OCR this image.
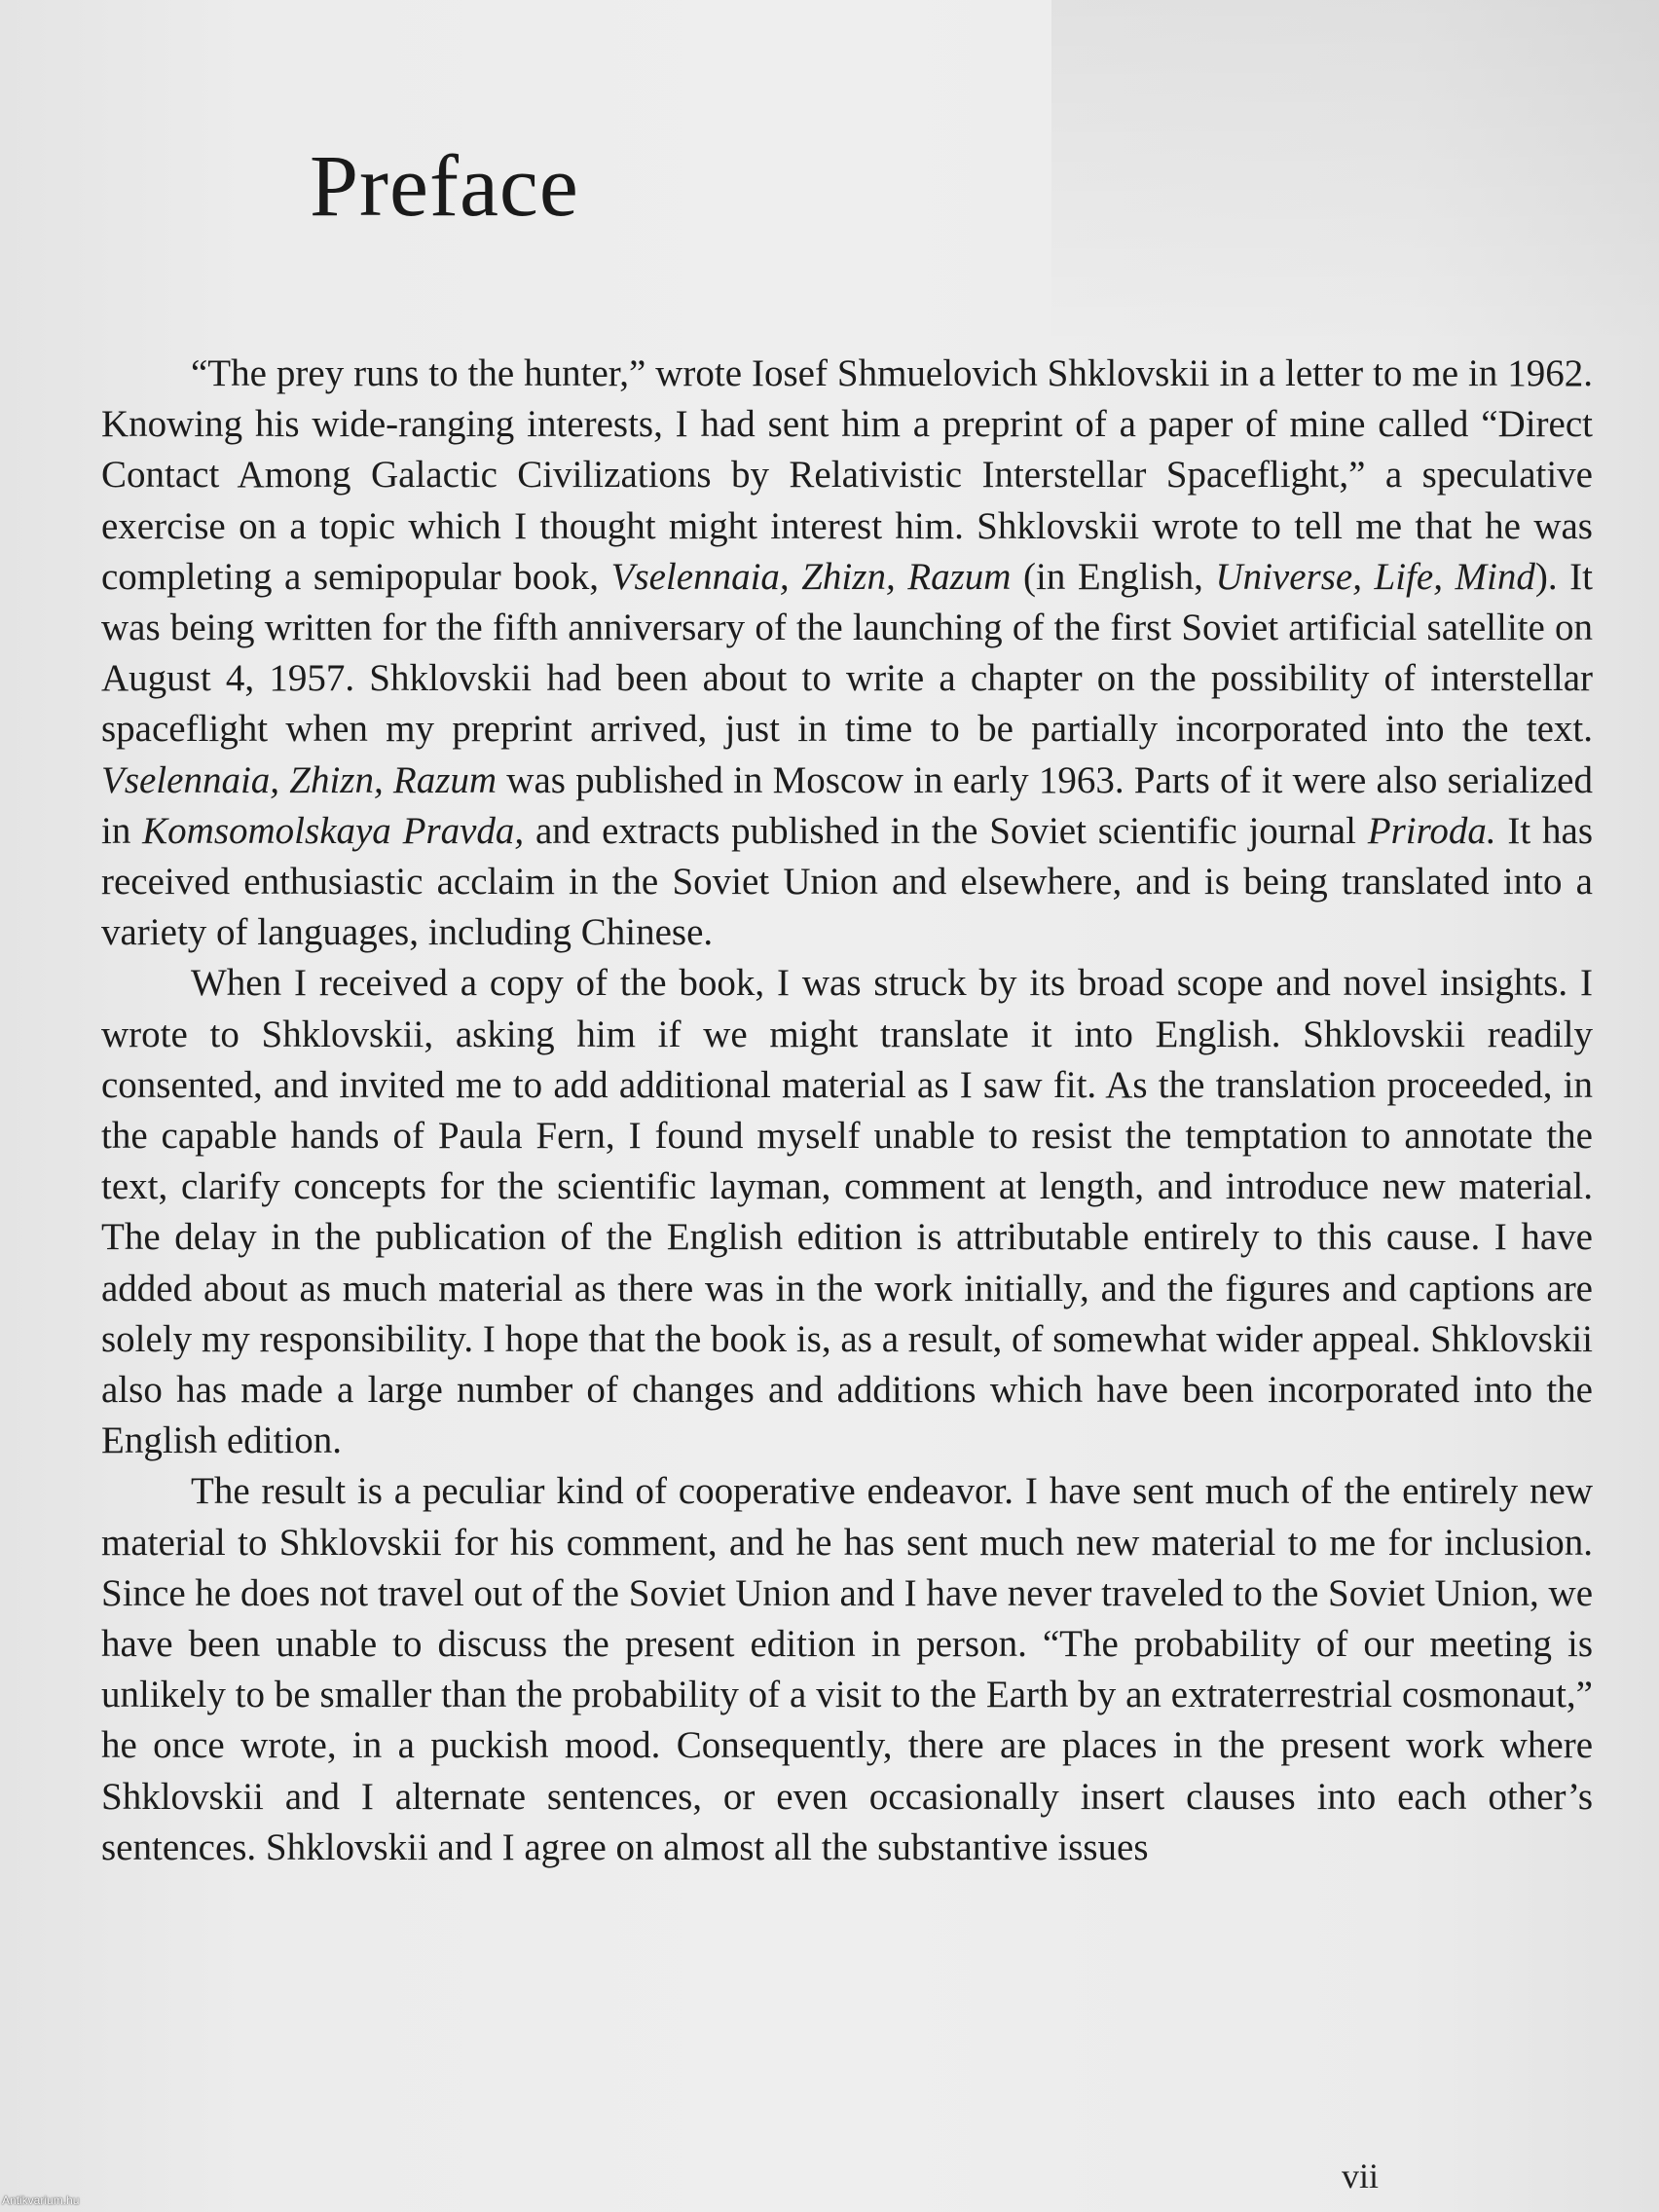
Preface

“The prey runs to the hunter,” wrote Iosef Shmuelovich Shklovskii in a letter to me in 1962. Knowing his wide-ranging interests, I had sent him a preprint of a paper of mine called “Direct Contact Among Galactic Civilizations by Relativistic Interstellar Spaceflight,” a speculative exercise on a topic which I thought might interest him. Shklovskii wrote to tell me that he was completing a semipopular book, Vselennaia, Zhizn, Razum (in English, Universe, Life, Mind). It was being written for the fifth anniversary of the launching of the first Soviet artificial satellite on August 4, 1957. Shklovskii had been about to write a chapter on the possibility of interstellar spaceflight when my preprint arrived, just in time to be partially incorporated into the text. Vselennaia, Zhizn, Razum was published in Moscow in early 1963. Parts of it were also serialized in Komsomolskaya Pravda, and extracts published in the Soviet scientific journal Priroda. It has received enthusiastic acclaim in the Soviet Union and elsewhere, and is being translated into a variety of languages, including Chinese.

When I received a copy of the book, I was struck by its broad scope and novel insights. I wrote to Shklovskii, asking him if we might translate it into English. Shklovskii readily consented, and invited me to add additional material as I saw fit. As the translation proceeded, in the capable hands of Paula Fern, I found myself unable to resist the temptation to annotate the text, clarify concepts for the scientific layman, comment at length, and introduce new material. The delay in the publication of the English edition is attributable entirely to this cause. I have added about as much material as there was in the work initially, and the figures and captions are solely my responsibility. I hope that the book is, as a result, of somewhat wider appeal. Shklovskii also has made a large number of changes and additions which have been incorporated into the English edition.

The result is a peculiar kind of cooperative endeavor. I have sent much of the entirely new material to Shklovskii for his comment, and he has sent much new material to me for inclusion. Since he does not travel out of the Soviet Union and I have never traveled to the Soviet Union, we have been unable to discuss the present edition in person. “The probability of our meeting is unlikely to be smaller than the probability of a visit to the Earth by an extraterrestrial cosmonaut,” he once wrote, in a puckish mood. Consequently, there are places in the present work where Shklovskii and I alternate sentences, or even occasionally insert clauses into each other’s sentences. Shklovskii and I agree on almost all the substantive issues

vii
Antikvarium.hu
